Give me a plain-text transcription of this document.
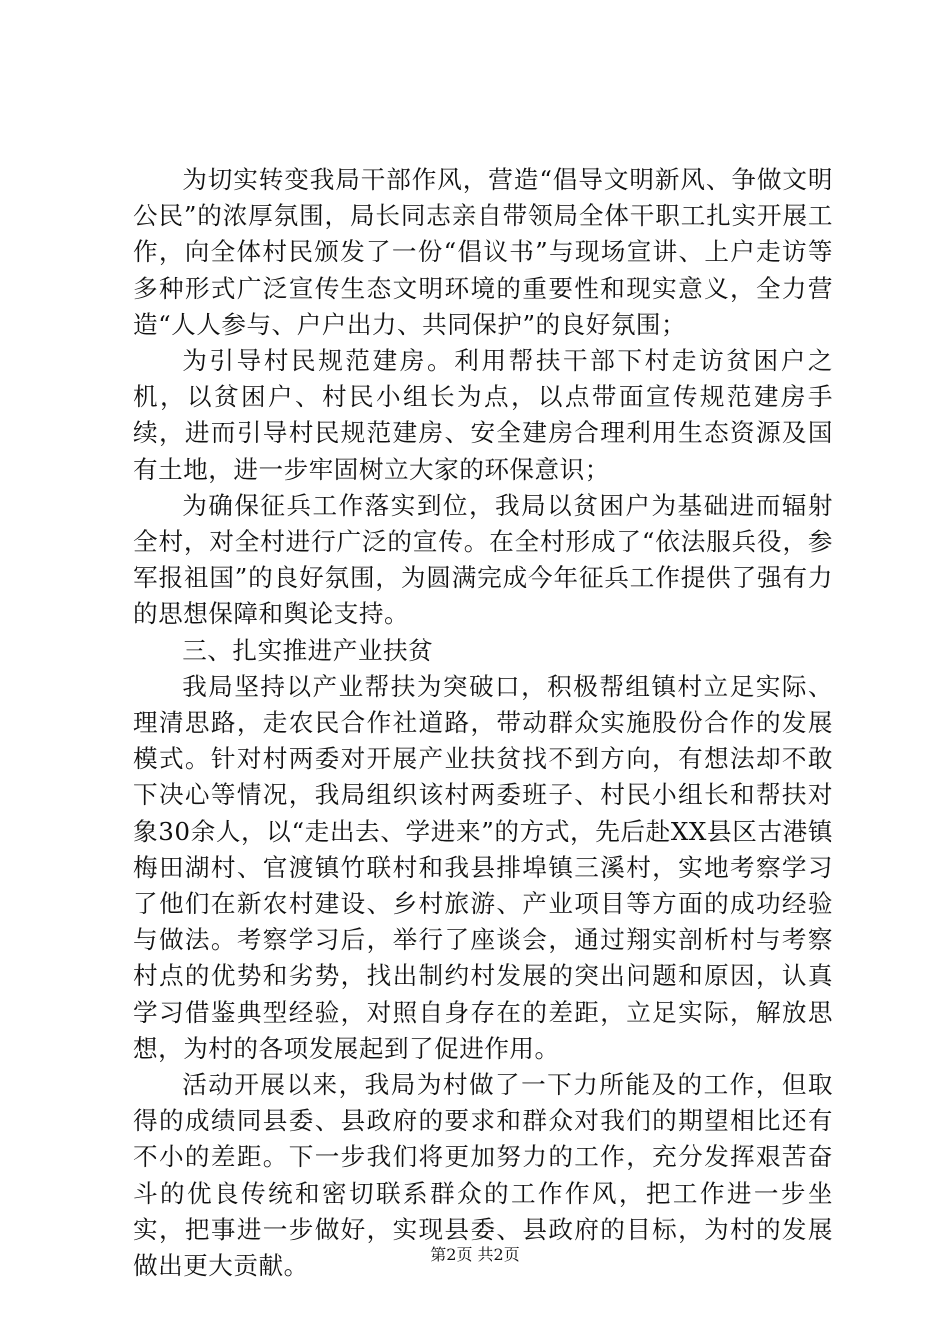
为切实转变我局干部作风，营造“倡导文明新风、争做文明公民”的浓厚氛围，局长同志亲自带领局全体干职工扎实开展工作，向全体村民颁发了一份“倡议书”与现场宣讲、上户走访等多种形式广泛宣传生态文明环境的重要性和现实意义，全力营造“人人参与、户户出力、共同保护”的良好氛围；

为引导村民规范建房。利用帮扶干部下村走访贫困户之机，以贫困户、村民小组长为点，以点带面宣传规范建房手续，进而引导村民规范建房、安全建房合理利用生态资源及国有土地，进一步牢固树立大家的环保意识；

为确保征兵工作落实到位，我局以贫困户为基础进而辐射全村，对全村进行广泛的宣传。在全村形成了“依法服兵役，参军报祖国”的良好氛围，为圆满完成今年征兵工作提供了强有力的思想保障和舆论支持。

三、扎实推进产业扶贫

我局坚持以产业帮扶为突破口，积极帮组镇村立足实际、理清思路，走农民合作社道路，带动群众实施股份合作的发展模式。针对村两委对开展产业扶贫找不到方向，有想法却不敢下决心等情况，我局组织该村两委班子、村民小组长和帮扶对象30余人，以“走出去、学进来”的方式，先后赴XX县区古港镇梅田湖村、官渡镇竹联村和我县排埠镇三溪村，实地考察学习了他们在新农村建设、乡村旅游、产业项目等方面的成功经验与做法。考察学习后，举行了座谈会，通过翔实剖析村与考察村点的优势和劣势，找出制约村发展的突出问题和原因，认真学习借鉴典型经验，对照自身存在的差距，立足实际，解放思想，为村的各项发展起到了促进作用。

活动开展以来，我局为村做了一下力所能及的工作，但取得的成绩同县委、县政府的要求和群众对我们的期望相比还有不小的差距。下一步我们将更加努力的工作，充分发挥艰苦奋斗的优良传统和密切联系群众的工作作风，把工作进一步坐实，把事进一步做好，实现县委、县政府的目标，为村的发展做出更大贡献。	第2页 共2页
